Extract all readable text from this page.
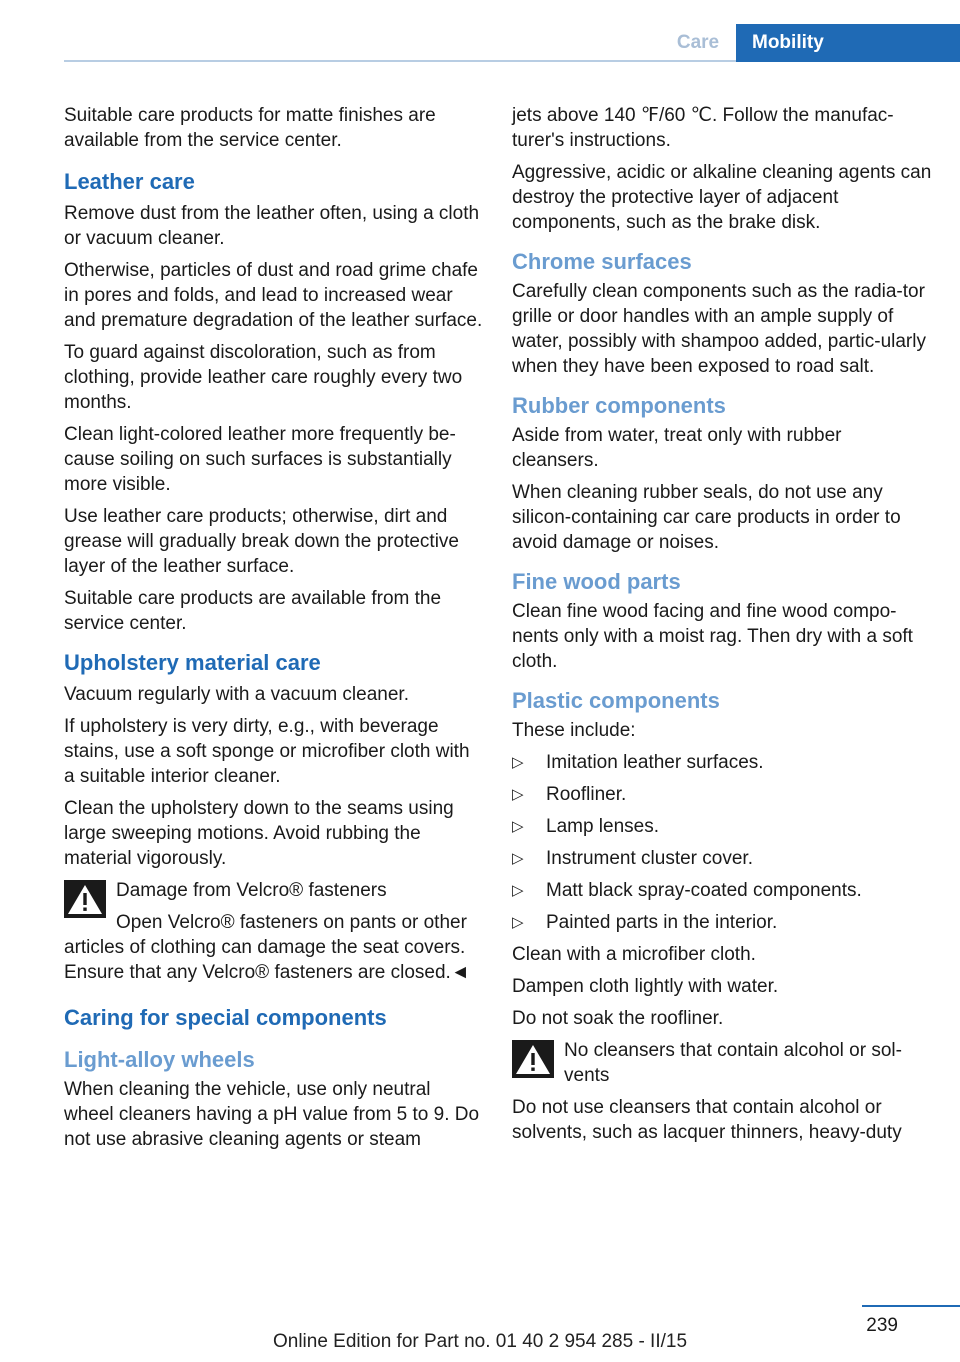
Care	Mobility

Suitable care products for matte finishes are available from the service center.

Leather care

Remove dust from the leather often, using a cloth or vacuum cleaner.

Otherwise, particles of dust and road grime chafe in pores and folds, and lead to increased wear and premature degradation of the leather surface.

To guard against discoloration, such as from clothing, provide leather care roughly every two months.

Clean light-colored leather more frequently be-cause soiling on such surfaces is substantially more visible.

Use leather care products; otherwise, dirt and grease will gradually break down the protective layer of the leather surface.

Suitable care products are available from the service center.

Upholstery material care

Vacuum regularly with a vacuum cleaner.

If upholstery is very dirty, e.g., with beverage stains, use a soft sponge or microfiber cloth with a suitable interior cleaner.

Clean the upholstery down to the seams using large sweeping motions. Avoid rubbing the material vigorously.

Damage from Velcro® fasteners
Open Velcro® fasteners on pants or other articles of clothing can damage the seat covers. Ensure that any Velcro® fasteners are closed.◄
Caring for special components
Light-alloy wheels

When cleaning the vehicle, use only neutral wheel cleaners having a pH value from 5 to 9. Do not use abrasive cleaning agents or steam

jets above 140 ℉/60 ℃. Follow the manufac-turer's instructions.

Aggressive, acidic or alkaline cleaning agents can destroy the protective layer of adjacent components, such as the brake disk.

Chrome surfaces

Carefully clean components such as the radia-tor grille or door handles with an ample supply of water, possibly with shampoo added, partic-ularly when they have been exposed to road salt.

Rubber components

Aside from water, treat only with rubber cleansers.

When cleaning rubber seals, do not use any silicon-containing car care products in order to avoid damage or noises.

Fine wood parts

Clean fine wood facing and fine wood compo-nents only with a moist rag. Then dry with a soft cloth.

Plastic components

These include:

▷ Imitation leather surfaces.
▷ Roofliner.
▷ Lamp lenses.
▷ Instrument cluster cover.
▷ Matt black spray-coated components.
▷ Painted parts in the interior.

Clean with a microfiber cloth.

Dampen cloth lightly with water.

Do not soak the roofliner.

No cleansers that contain alcohol or sol-vents
Do not use cleansers that contain alcohol or solvents, such as lacquer thinners, heavy-duty
239
Online Edition for Part no. 01 40 2 954 285 - II/15
